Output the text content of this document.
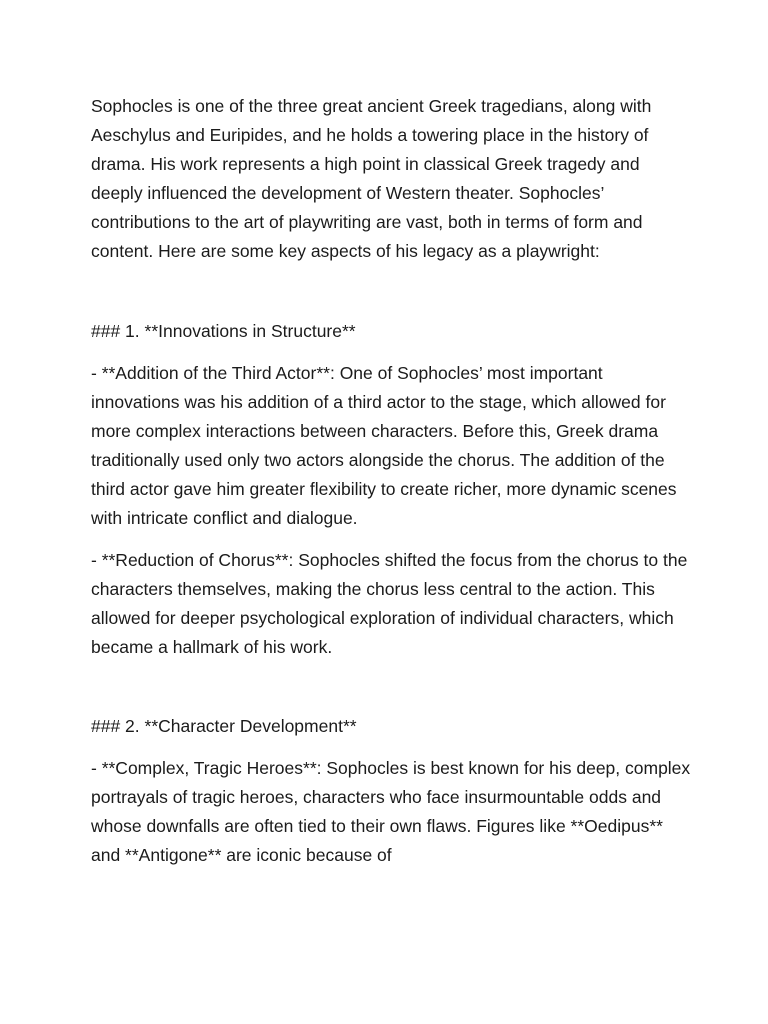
Sophocles is one of the three great ancient Greek tragedians, along with Aeschylus and Euripides, and he holds a towering place in the history of drama. His work represents a high point in classical Greek tragedy and deeply influenced the development of Western theater. Sophocles’ contributions to the art of playwriting are vast, both in terms of form and content. Here are some key aspects of his legacy as a playwright:

### 1. **Innovations in Structure**

- **Addition of the Third Actor**: One of Sophocles’ most important innovations was his addition of a third actor to the stage, which allowed for more complex interactions between characters. Before this, Greek drama traditionally used only two actors alongside the chorus. The addition of the third actor gave him greater flexibility to create richer, more dynamic scenes with intricate conflict and dialogue.

- **Reduction of Chorus**: Sophocles shifted the focus from the chorus to the characters themselves, making the chorus less central to the action. This allowed for deeper psychological exploration of individual characters, which became a hallmark of his work.

### 2. **Character Development**

- **Complex, Tragic Heroes**: Sophocles is best known for his deep, complex portrayals of tragic heroes, characters who face insurmountable odds and whose downfalls are often tied to their own flaws. Figures like **Oedipus** and **Antigone** are iconic because of
